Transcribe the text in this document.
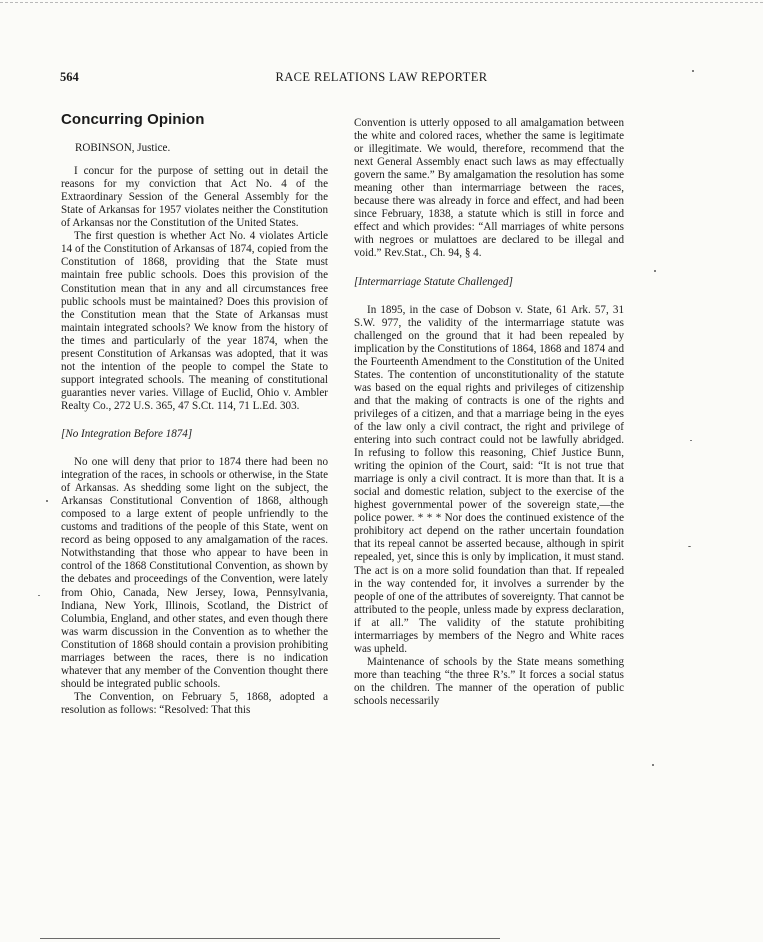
564	RACE RELATIONS LAW REPORTER
Concurring Opinion

ROBINSON, Justice.

I concur for the purpose of setting out in detail the reasons for my conviction that Act No. 4 of the Extraordinary Session of the General Assembly for the State of Arkansas for 1957 violates neither the Constitution of Arkansas nor the Constitution of the United States.

The first question is whether Act No. 4 violates Article 14 of the Constitution of Arkansas of 1874, copied from the Constitution of 1868, providing that the State must maintain free public schools. Does this provision of the Constitution mean that in any and all circumstances free public schools must be maintained? Does this provision of the Constitution mean that the State of Arkansas must maintain integrated schools? We know from the history of the times and particularly of the year 1874, when the present Constitution of Arkansas was adopted, that it was not the intention of the people to compel the State to support integrated schools. The meaning of constitutional guaranties never varies. Village of Euclid, Ohio v. Ambler Realty Co., 272 U.S. 365, 47 S.Ct. 114, 71 L.Ed. 303.

[No Integration Before 1874]

No one will deny that prior to 1874 there had been no integration of the races, in schools or otherwise, in the State of Arkansas. As shedding some light on the subject, the Arkansas Constitutional Convention of 1868, although composed to a large extent of people unfriendly to the customs and traditions of the people of this State, went on record as being opposed to any amalgamation of the races. Notwithstanding that those who appear to have been in control of the 1868 Constitutional Convention, as shown by the debates and proceedings of the Convention, were lately from Ohio, Canada, New Jersey, Iowa, Pennsylvania, Indiana, New York, Illinois, Scotland, the District of Columbia, England, and other states, and even though there was warm discussion in the Convention as to whether the Constitution of 1868 should contain a provision prohibiting marriages between the races, there is no indication whatever that any member of the Convention thought there should be integrated public schools.

The Convention, on February 5, 1868, adopted a resolution as follows: “Resolved: That this

Convention is utterly opposed to all amalgamation between the white and colored races, whether the same is legitimate or illegitimate. We would, therefore, recommend that the next General Assembly enact such laws as may effectually govern the same.” By amalgamation the resolution has some meaning other than intermarriage between the races, because there was already in force and effect, and had been since February, 1838, a statute which is still in force and effect and which provides: “All marriages of white persons with negroes or mulattoes are declared to be illegal and void.” Rev.Stat., Ch. 94, § 4.

[Intermarriage Statute Challenged]

In 1895, in the case of Dobson v. State, 61 Ark. 57, 31 S.W. 977, the validity of the intermarriage statute was challenged on the ground that it had been repealed by implication by the Constitutions of 1864, 1868 and 1874 and the Fourteenth Amendment to the Constitution of the United States. The contention of unconstitutionality of the statute was based on the equal rights and privileges of citizenship and that the making of contracts is one of the rights and privileges of a citizen, and that a marriage being in the eyes of the law only a civil contract, the right and privilege of entering into such contract could not be lawfully abridged. In refusing to follow this reasoning, Chief Justice Bunn, writing the opinion of the Court, said: “It is not true that marriage is only a civil contract. It is more than that. It is a social and domestic relation, subject to the exercise of the highest governmental power of the sovereign state,—the police power. * * * Nor does the continued existence of the prohibitory act depend on the rather uncertain foundation that its repeal cannot be asserted because, although in spirit repealed, yet, since this is only by implication, it must stand. The act is on a more solid foundation than that. If repealed in the way contended for, it involves a surrender by the people of one of the attributes of sovereignty. That cannot be attributed to the people, unless made by express declaration, if at all.” The validity of the statute prohibiting intermarriages by members of the Negro and White races was upheld.

Maintenance of schools by the State means something more than teaching “the three R’s.” It forces a social status on the children. The manner of the operation of public schools necessarily
